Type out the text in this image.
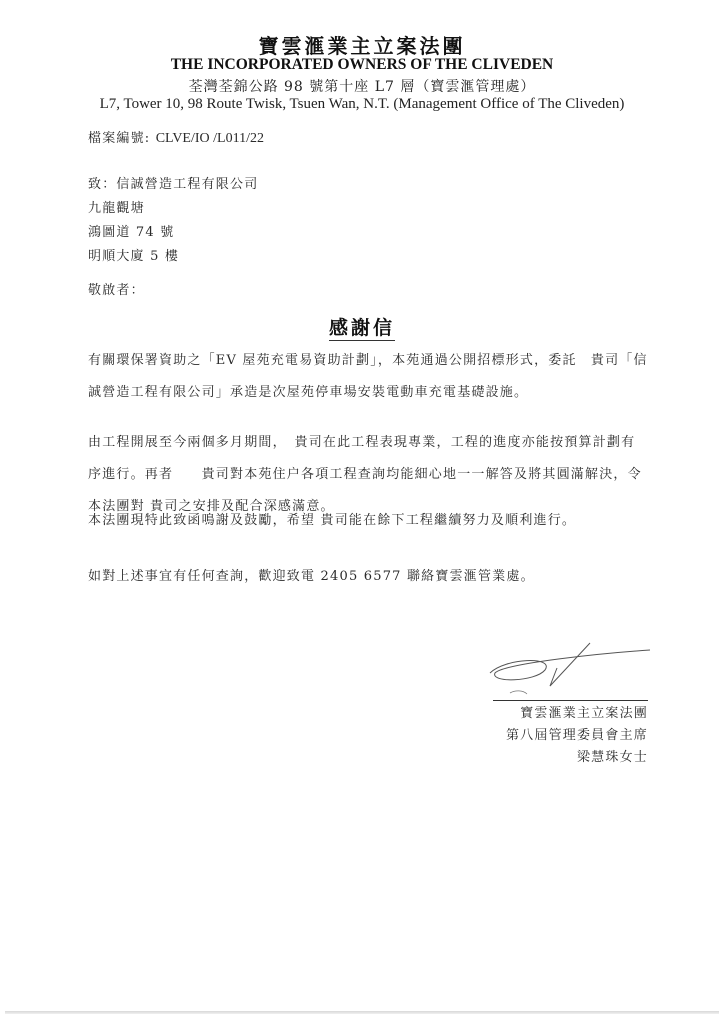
寶雲滙業主立案法團
THE INCORPORATED OWNERS OF THE CLIVEDEN
荃灣荃錦公路 98 號第十座 L7 層（寶雲滙管理處）
L7, Tower 10, 98 Route Twisk, Tsuen Wan, N.T. (Management Office of The Cliveden)
檔案編號: CLVE/IO /L011/22
致：信誠營造工程有限公司
九龍觀塘
鴻圖道 74 號
明順大廈 5 樓
敬啟者：
感謝信
有關環保署資助之「EV 屋苑充電易資助計劃」，本苑通過公開招標形式，委託　貴司「信
誠營造工程有限公司」承造是次屋苑停車場安裝電動車充電基礎設施。
由工程開展至今兩個多月期間，　貴司在此工程表現專業，工程的進度亦能按預算計劃有
序進行。再者　　貴司對本苑住户各項工程查詢均能細心地一一解答及將其圓滿解決，令
本法團對 貴司之安排及配合深感滿意。
本法團現特此致函鳴謝及鼓勵，希望 貴司能在餘下工程繼續努力及順利進行。
如對上述事宜有任何查詢，歡迎致電 2405 6577 聯絡寶雲滙管業處。
寶雲滙業主立案法團
第八屆管理委員會主席
梁慧珠女士
